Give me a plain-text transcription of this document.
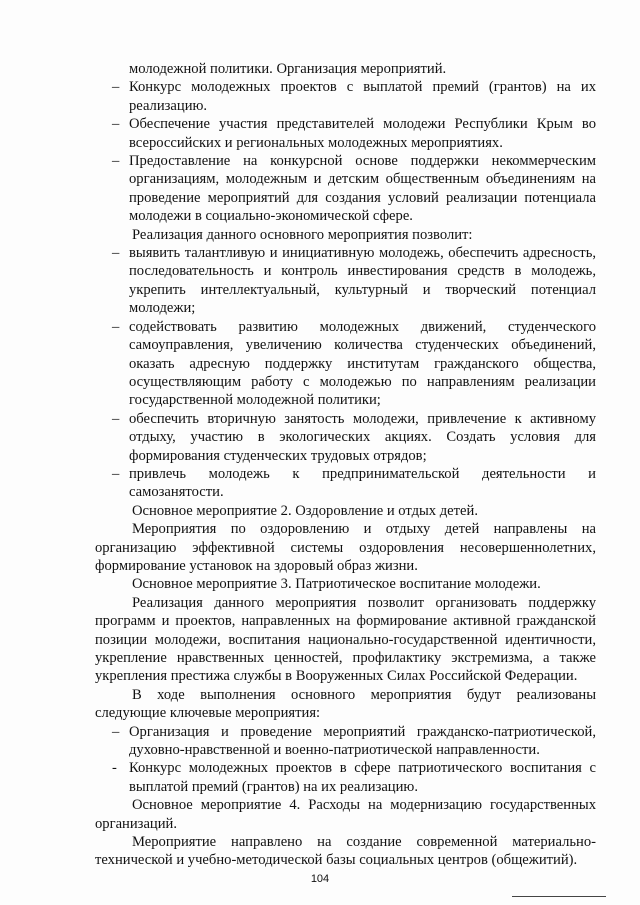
молодежной политики. Организация мероприятий.

– Конкурс молодежных проектов с выплатой премий (грантов) на их реализацию.

– Обеспечение участия представителей молодежи Республики Крым во всероссийских и региональных молодежных мероприятиях.

– Предоставление на конкурсной основе поддержки некоммерческим организациям, молодежным и детским общественным объединениям на проведение мероприятий для создания условий реализации потенциала молодежи в социально-экономической сфере.

Реализация данного основного мероприятия позволит:

– выявить талантливую и инициативную молодежь, обеспечить адресность, последовательность и контроль инвестирования средств в молодежь, укрепить интеллектуальный, культурный и творческий потенциал молодежи;

– содействовать развитию молодежных движений, студенческого самоуправления, увеличению количества студенческих объединений, оказать адресную поддержку институтам гражданского общества, осуществляющим работу с молодежью по направлениям реализации государственной молодежной политики;

– обеспечить вторичную занятость молодежи, привлечение к активному отдыху, участию в экологических акциях. Создать условия для формирования студенческих трудовых отрядов;

– привлечь молодежь к предпринимательской деятельности и самозанятости.

Основное мероприятие 2. Оздоровление и отдых детей.

Мероприятия по оздоровлению и отдыху детей направлены на организацию эффективной системы оздоровления несовершеннолетних, формирование установок на здоровый образ жизни.

Основное мероприятие 3. Патриотическое воспитание молодежи.

Реализация данного мероприятия позволит организовать поддержку программ и проектов, направленных на формирование активной гражданской позиции молодежи, воспитания национально-государственной идентичности, укрепление нравственных ценностей, профилактику экстремизма, а также укрепления престижа службы в Вооруженных Силах Российской Федерации.

В ходе выполнения основного мероприятия будут реализованы следующие ключевые мероприятия:

– Организация и проведение мероприятий гражданско-патриотической, духовно-нравственной и военно-патриотической направленности.

- Конкурс молодежных проектов в сфере патриотического воспитания с выплатой премий (грантов) на их реализацию.

Основное мероприятие 4. Расходы на модернизацию государственных организаций.

Мероприятие направлено на создание современной материально-технической и учебно-методической базы социальных центров (общежитий).

104
